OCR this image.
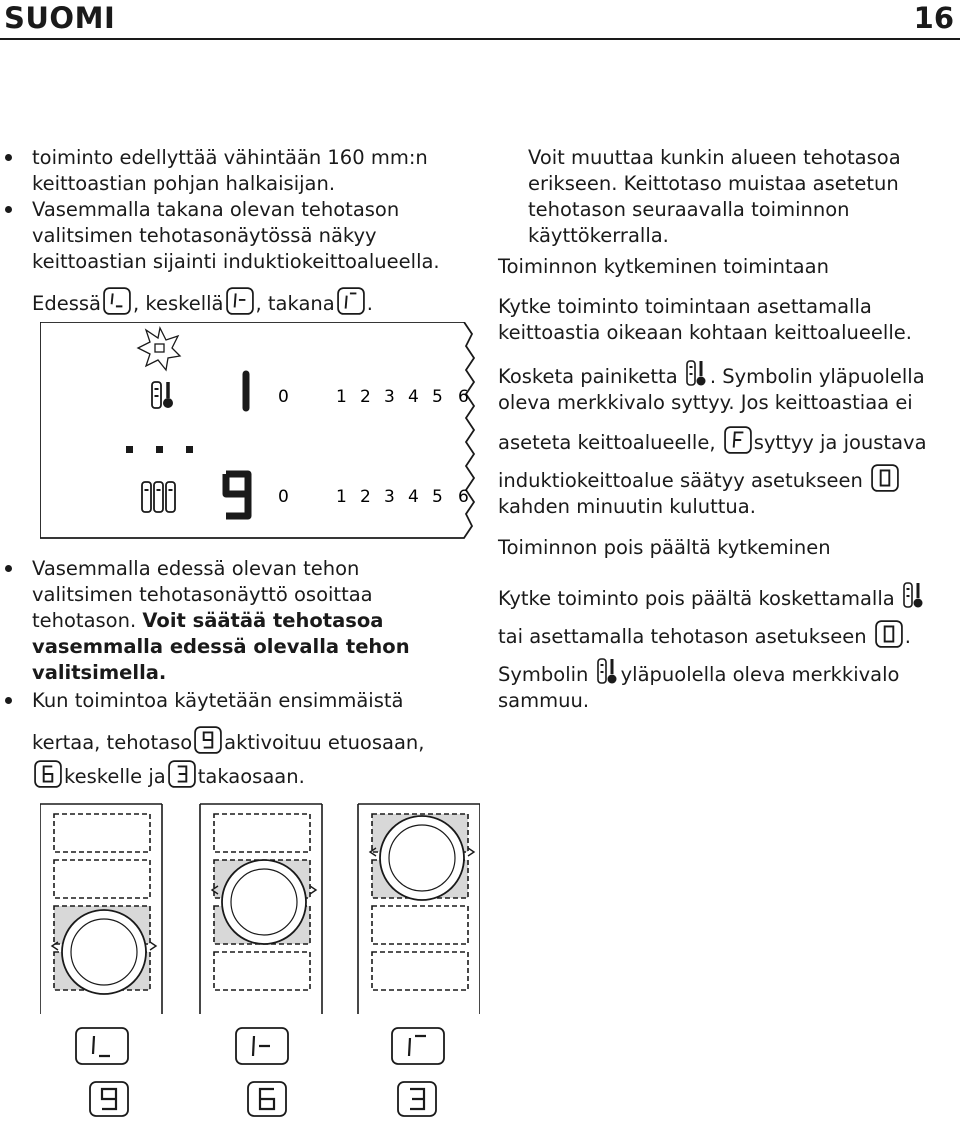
SUOMI	16
toiminto edellyttää vähintään 160 mm:n
keittoastian pohjan halkaisijan.
Vasemmalla takana olevan tehotason
valitsimen tehotasonäytössä näkyy
keittoastian sijainti induktiokeittoalueella.
Edessä , keskellä , takana .
0	1 2 3 4 5 6
0	1 2 3 4 5 6
Vasemmalla edessä olevan tehon
valitsimen tehotasonäyttö osoittaa
tehotason. Voit säätää tehotasoa
vasemmalla edessä olevalla tehon
valitsimella.
Kun toimintoa käytetään ensimmäistä
kertaa, tehotaso aktivoituu etuosaan,
keskelle ja takaosaan.
Voit muuttaa kunkin alueen tehotasoa
erikseen. Keittotaso muistaa asetetun
tehotason seuraavalla toiminnon
käyttökerralla.
Toiminnon kytkeminen toimintaan
Kytke toiminto toimintaan asettamalla
keittoastia oikeaan kohtaan keittoalueelle.
Kosketa painiketta . Symbolin yläpuolella
oleva merkkivalo syttyy. Jos keittoastiaa ei
aseteta keittoalueelle, syttyy ja joustava
induktiokeittoalue säätyy asetukseen
kahden minuutin kuluttua.
Toiminnon pois päältä kytkeminen
Kytke toiminto pois päältä koskettamalla
tai asettamalla tehotason asetukseen .
Symbolin yläpuolella oleva merkkivalo
sammuu.
